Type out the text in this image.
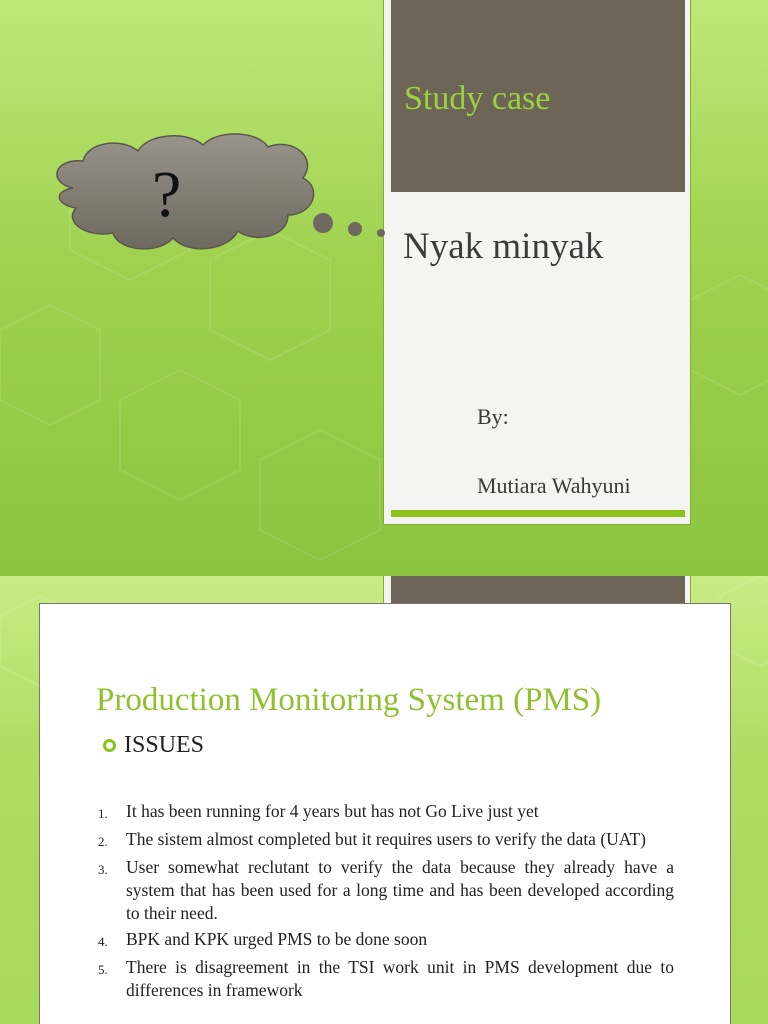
Study case
Nyak minyak
By:
Mutiara Wahyuni
?
Production Monitoring System (PMS)
ISSUES
1.	It has been running for 4 years but has not Go Live just yet
2.	The sistem almost completed but it requires users to verify the data (UAT)
3.	User somewhat reclutant to verify the data because they already have a system that has been used for a long time and has been developed according to their need.
4.	BPK and KPK urged PMS to be done soon
5.	There is disagreement in the TSI work unit in PMS development due to differences in framework
